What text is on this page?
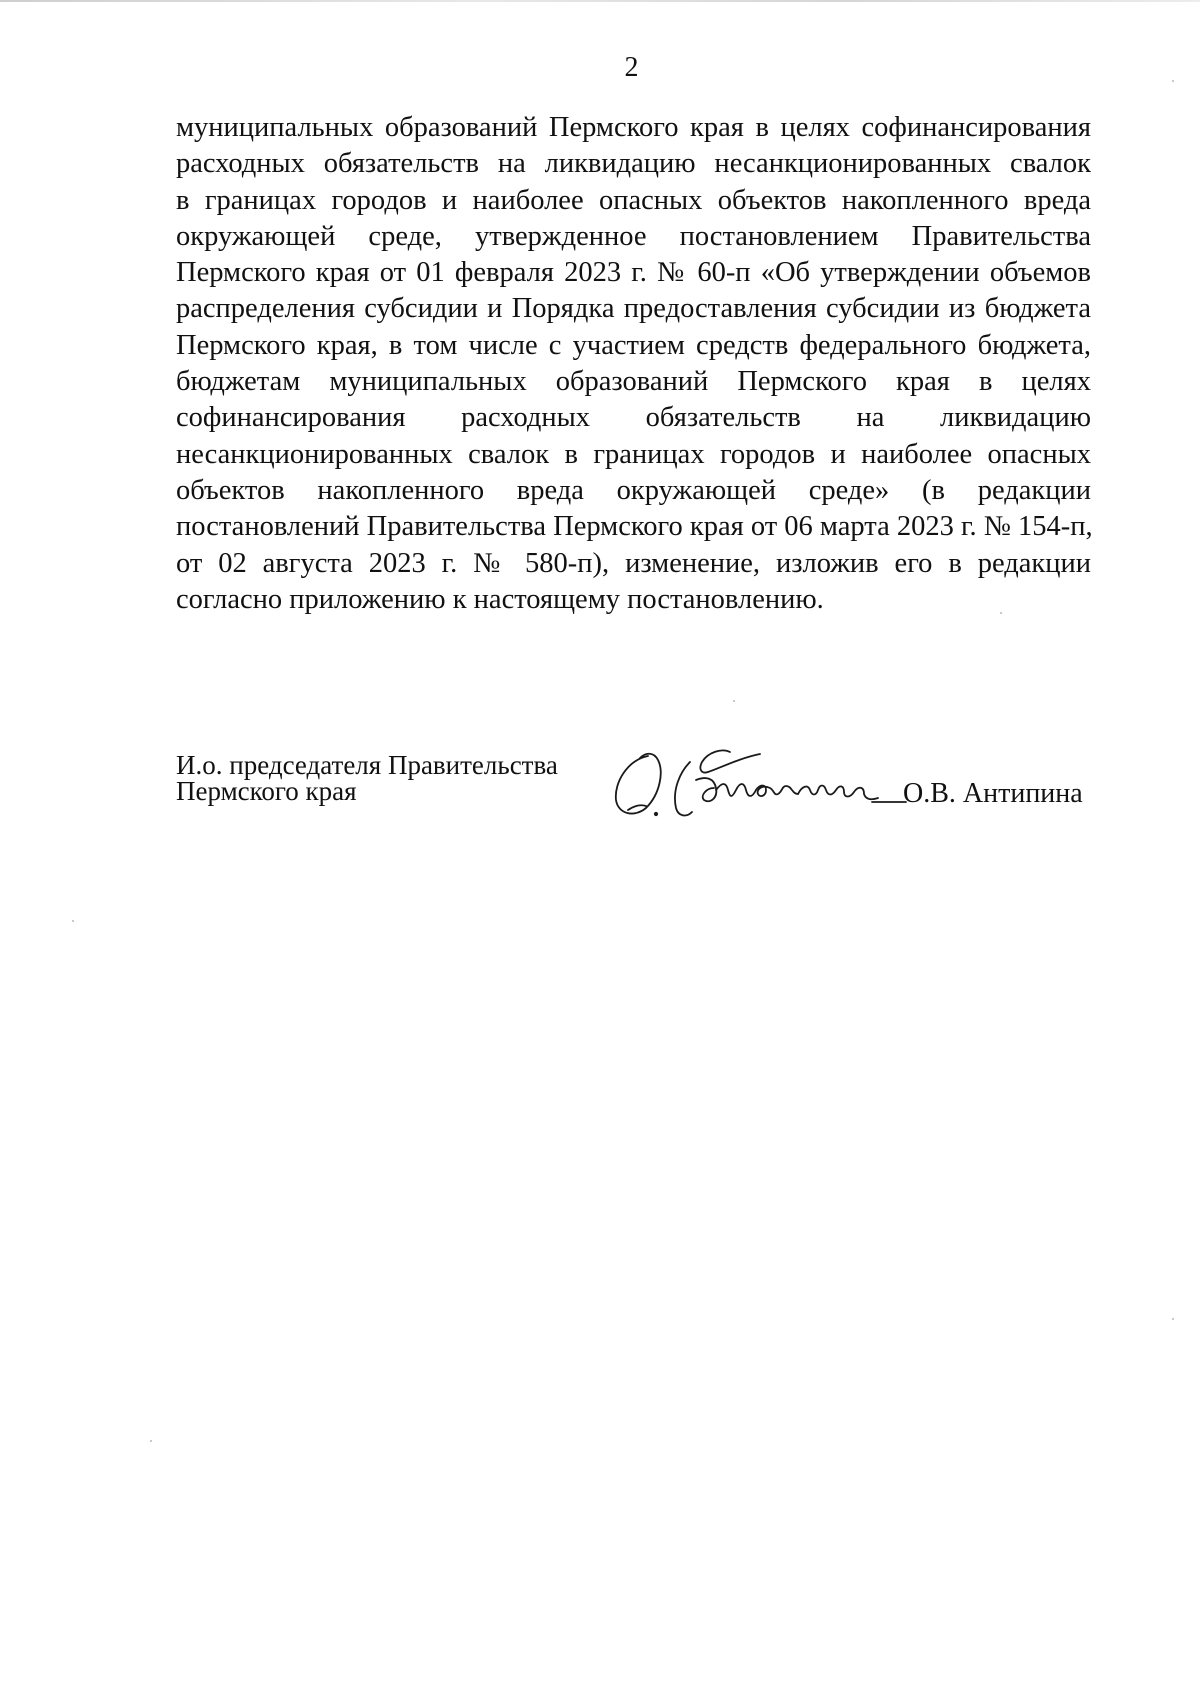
2
муниципальных образований Пермского края в целях софинансирования
расходных обязательств на ликвидацию несанкционированных свалок
в границах городов и наиболее опасных объектов накопленного вреда
окружающей среде, утвержденное постановлением Правительства
Пермского края от 01 февраля 2023 г. № 60-п «Об утверждении объемов
распределения субсидии и Порядка предоставления субсидии из бюджета
Пермского края, в том числе с участием средств федерального бюджета,
бюджетам муниципальных образований Пермского края в целях
софинансирования расходных обязательств на ликвидацию
несанкционированных свалок в границах городов и наиболее опасных
объектов накопленного вреда окружающей среде» (в редакции
постановлений Правительства Пермского края от 06 марта 2023 г. № 154-п,
от 02 августа 2023 г. № 580-п), изменение, изложив его в редакции
согласно приложению к настоящему постановлению.
И.о. председателя Правительства
Пермского края	О.В. Антипина
